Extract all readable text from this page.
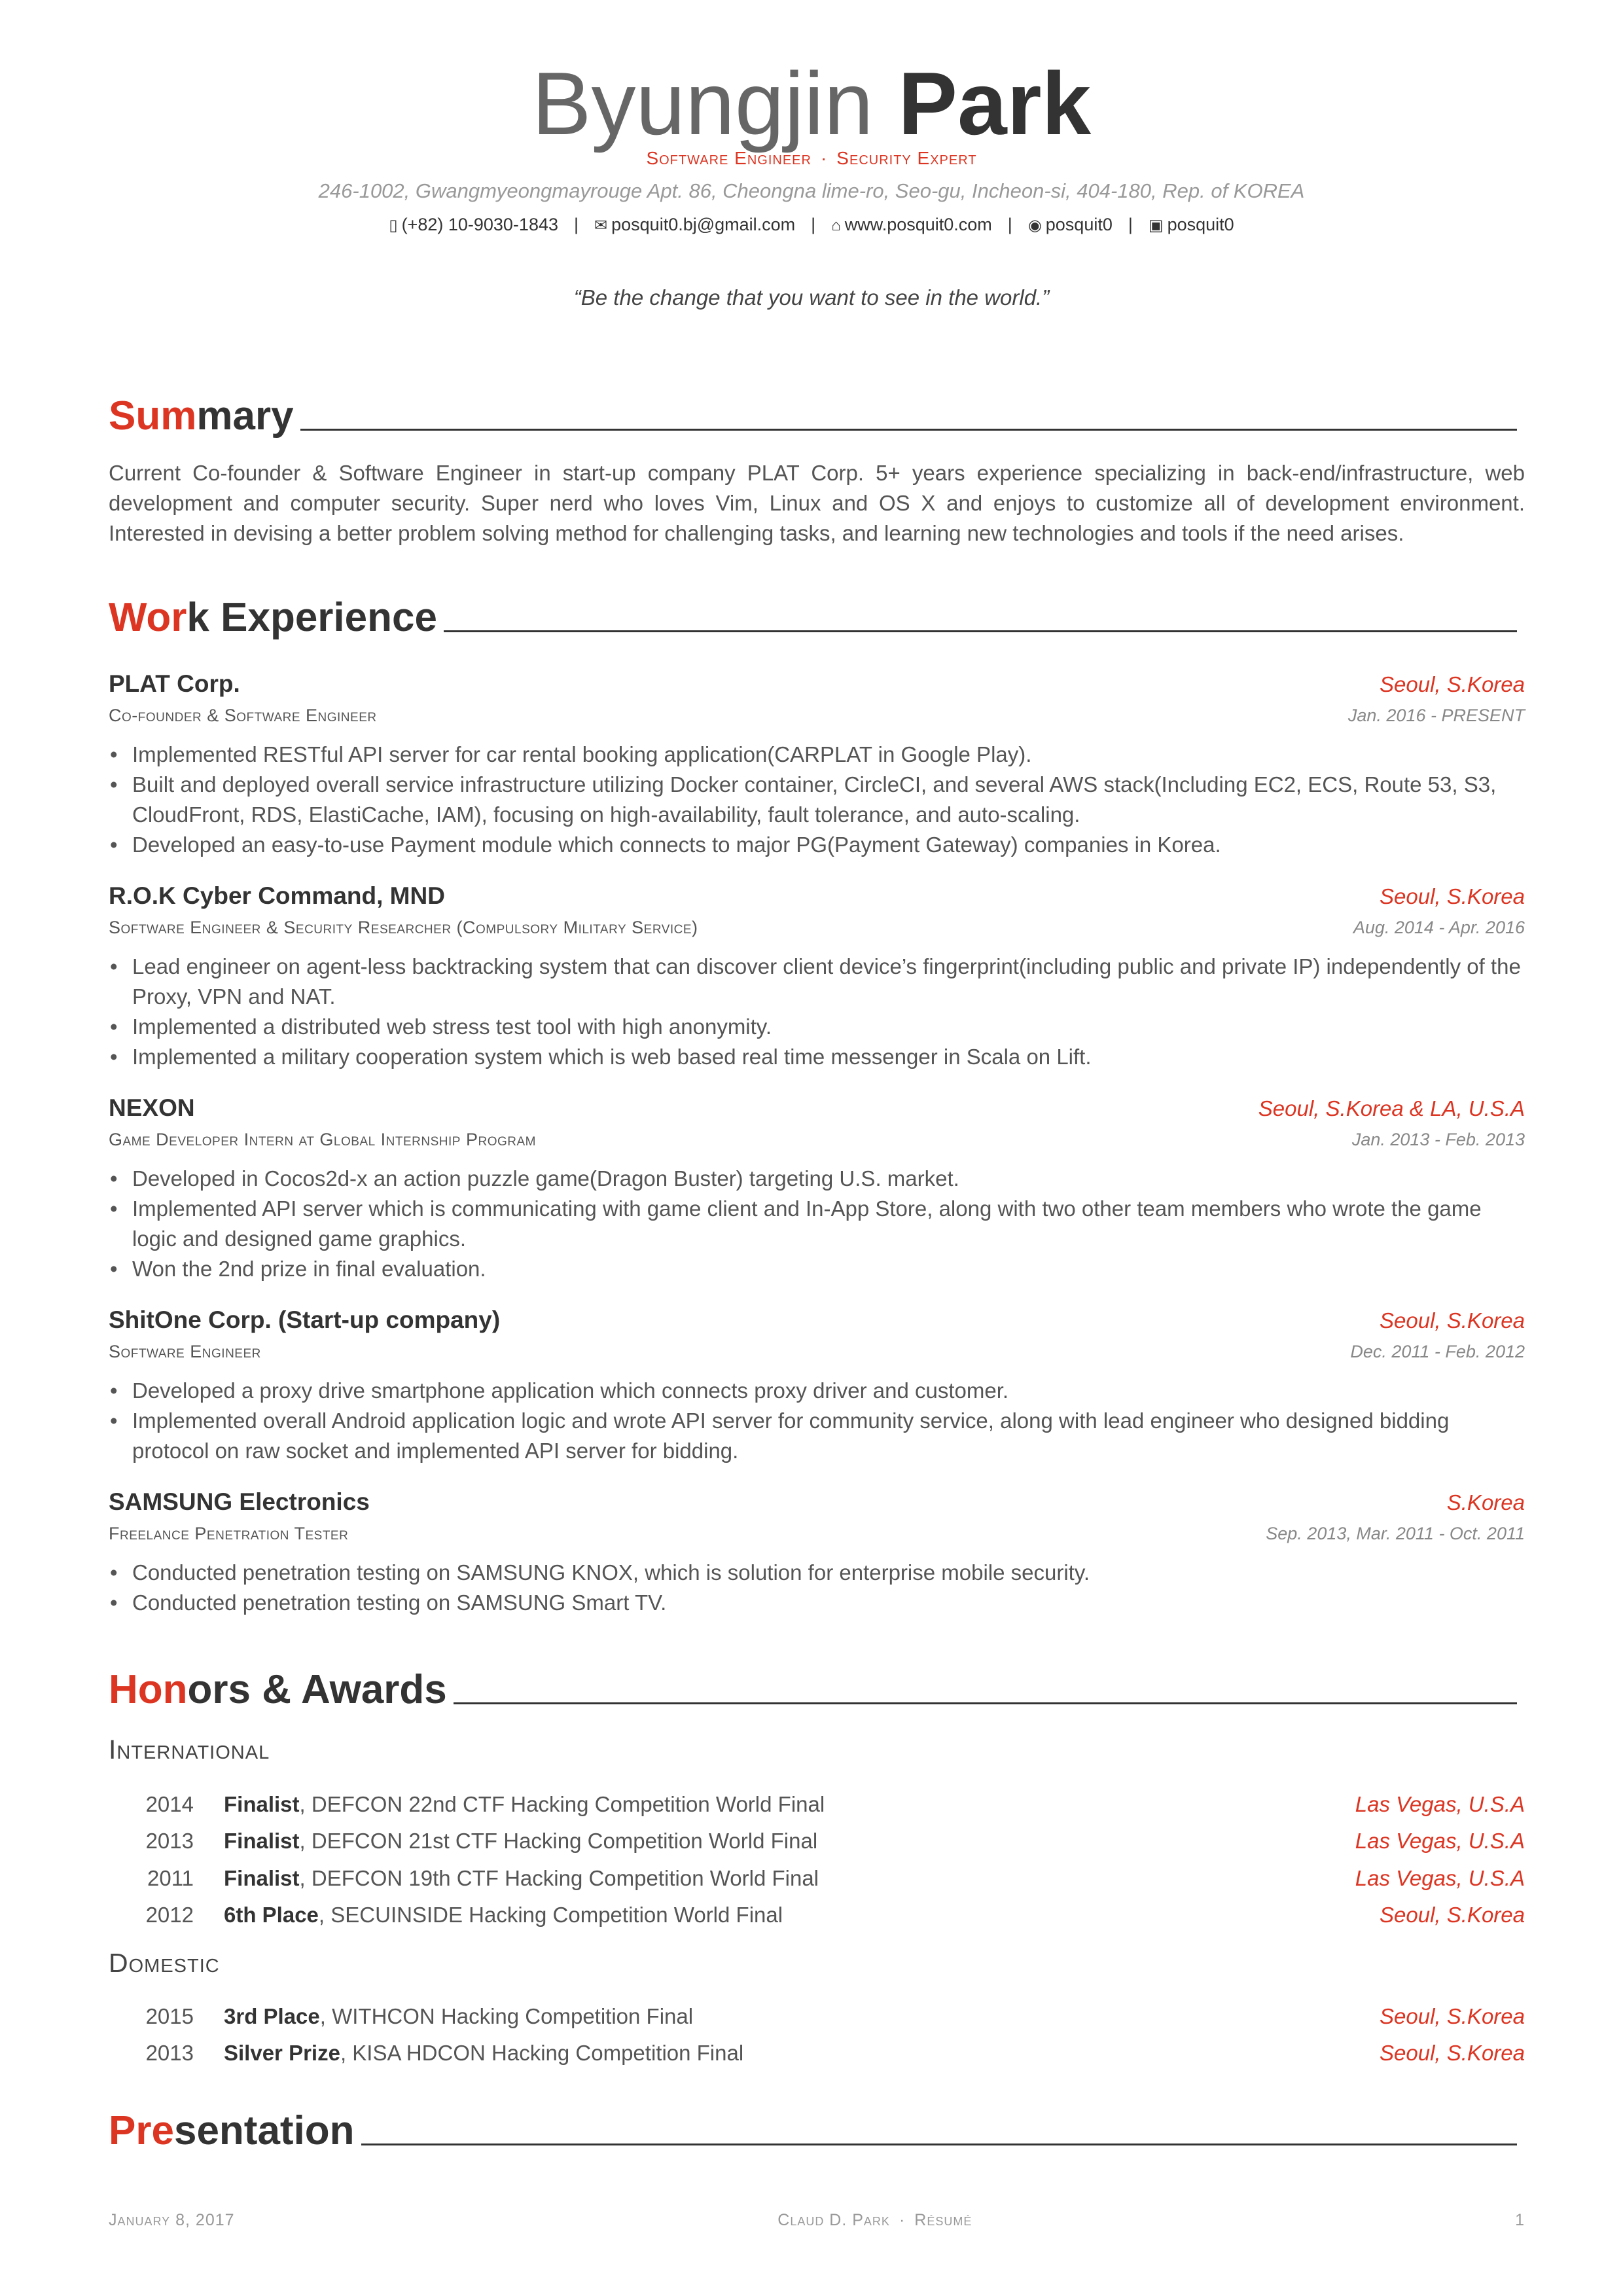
Byungjin Park
Software Engineer · Security Expert
246-1002, Gwangmyeongmayrouge Apt. 86, Cheongna lime-ro, Seo-gu, Incheon-si, 404-180, Rep. of KOREA
▯ (+82) 10-9030-1843 | ✉ posquit0.bj@gmail.com | ⌂ www.posquit0.com | ◉ posquit0 | ▣ posquit0
“Be the change that you want to see in the world.”
Summary
Current Co-founder & Software Engineer in start-up company PLAT Corp. 5+ years experience specializing in back-end/infrastructure, web development and computer security. Super nerd who loves Vim, Linux and OS X and enjoys to customize all of development environment. Interested in devising a better problem solving method for challenging tasks, and learning new technologies and tools if the need arises.
Work Experience
PLAT Corp.	Seoul, S.Korea
Co-founder & Software Engineer	Jan. 2016 - PRESENT
• Implemented RESTful API server for car rental booking application(CARPLAT in Google Play).
• Built and deployed overall service infrastructure utilizing Docker container, CircleCI, and several AWS stack(Including EC2, ECS, Route 53, S3, CloudFront, RDS, ElastiCache, IAM), focusing on high-availability, fault tolerance, and auto-scaling.
• Developed an easy-to-use Payment module which connects to major PG(Payment Gateway) companies in Korea.
R.O.K Cyber Command, MND	Seoul, S.Korea
Software Engineer & Security Researcher (Compulsory Military Service)	Aug. 2014 - Apr. 2016
• Lead engineer on agent-less backtracking system that can discover client device’s fingerprint(including public and private IP) independently of the Proxy, VPN and NAT.
• Implemented a distributed web stress test tool with high anonymity.
• Implemented a military cooperation system which is web based real time messenger in Scala on Lift.
NEXON	Seoul, S.Korea & LA, U.S.A
Game Developer Intern at Global Internship Program	Jan. 2013 - Feb. 2013
• Developed in Cocos2d-x an action puzzle game(Dragon Buster) targeting U.S. market.
• Implemented API server which is communicating with game client and In-App Store, along with two other team members who wrote the game logic and designed game graphics.
• Won the 2nd prize in final evaluation.
ShitOne Corp. (Start-up company)	Seoul, S.Korea
Software Engineer	Dec. 2011 - Feb. 2012
• Developed a proxy drive smartphone application which connects proxy driver and customer.
• Implemented overall Android application logic and wrote API server for community service, along with lead engineer who designed bidding protocol on raw socket and implemented API server for bidding.
SAMSUNG Electronics	S.Korea
Freelance Penetration Tester	Sep. 2013, Mar. 2011 - Oct. 2011
• Conducted penetration testing on SAMSUNG KNOX, which is solution for enterprise mobile security.
• Conducted penetration testing on SAMSUNG Smart TV.
Honors & Awards
International
2014	Finalist, DEFCON 22nd CTF Hacking Competition World Final	Las Vegas, U.S.A
2013	Finalist, DEFCON 21st CTF Hacking Competition World Final	Las Vegas, U.S.A
2011	Finalist, DEFCON 19th CTF Hacking Competition World Final	Las Vegas, U.S.A
2012	6th Place, SECUINSIDE Hacking Competition World Final	Seoul, S.Korea
Domestic
2015	3rd Place, WITHCON Hacking Competition Final	Seoul, S.Korea
2013	Silver Prize, KISA HDCON Hacking Competition Final	Seoul, S.Korea
Presentation
January 8, 2017	Claud D. Park · Résumé	1
